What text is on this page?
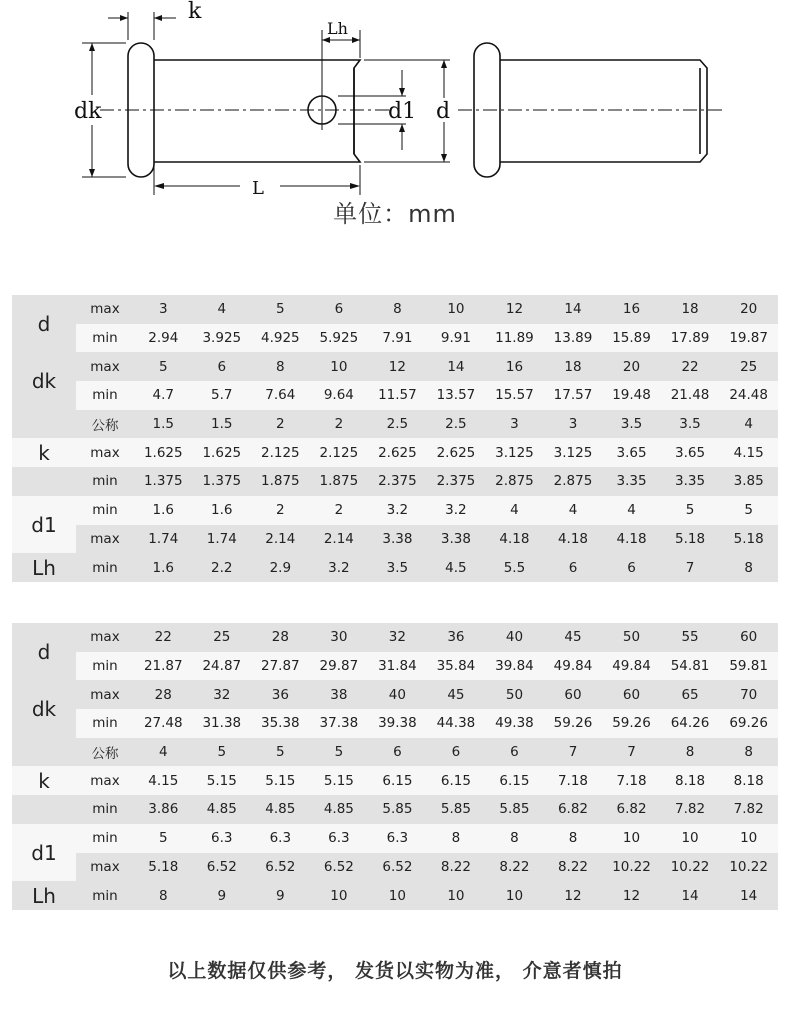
k
Lh
dk	d1 d
L
单位：mm
d	max	3	4	5	6	8	10	12	14	16	18	20
	min	2.94	3.925	4.925	5.925	7.91	9.91	11.89	13.89	15.89	17.89	19.87
dk	max	5	6	8	10	12	14	16	18	20	22	25
	min	4.7	5.7	7.64	9.64	11.57	13.57	15.57	17.57	19.48	21.48	24.48
	公称	1.5	1.5	2	2	2.5	2.5	3	3	3.5	3.5	4
k	max	1.625	1.625	2.125	2.125	2.625	2.625	3.125	3.125	3.65	3.65	4.15
	min	1.375	1.375	1.875	1.875	2.375	2.375	2.875	2.875	3.35	3.35	3.85
d1	min	1.6	1.6	2	2	3.2	3.2	4	4	4	5	5
	max	1.74	1.74	2.14	2.14	3.38	3.38	4.18	4.18	4.18	5.18	5.18
Lh	min	1.6	2.2	2.9	3.2	3.5	4.5	5.5	6	6	7	8
d	max	22	25	28	30	32	36	40	45	50	55	60
	min	21.87	24.87	27.87	29.87	31.84	35.84	39.84	49.84	49.84	54.81	59.81
dk	max	28	32	36	38	40	45	50	60	60	65	70
	min	27.48	31.38	35.38	37.38	39.38	44.38	49.38	59.26	59.26	64.26	69.26
	公称	4	5	5	5	6	6	6	7	7	8	8
k	max	4.15	5.15	5.15	5.15	6.15	6.15	6.15	7.18	7.18	8.18	8.18
	min	3.86	4.85	4.85	4.85	5.85	5.85	5.85	6.82	6.82	7.82	7.82
d1	min	5	6.3	6.3	6.3	6.3	8	8	8	10	10	10
	max	5.18	6.52	6.52	6.52	6.52	8.22	8.22	8.22	10.22	10.22	10.22
Lh	min	8	9	9	10	10	10	10	12	12	14	14
以上数据仅供参考， 发货以实物为准， 介意者慎拍
